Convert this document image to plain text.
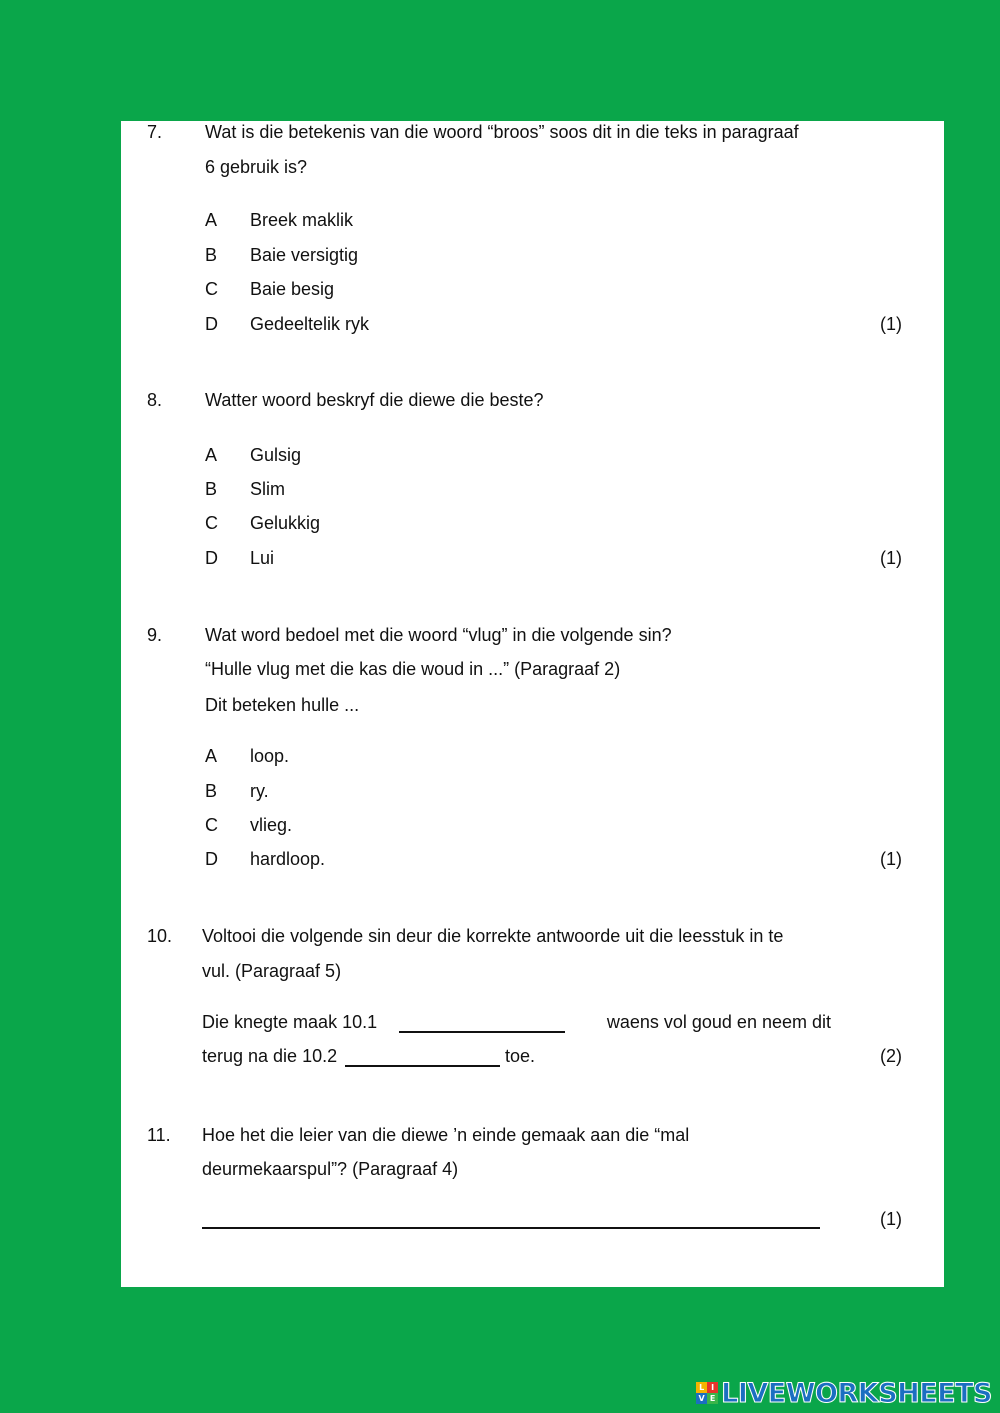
7. Wat is die betekenis van die woord “broos” soos dit in die teks in paragraaf
6 gebruik is?
A Breek maklik
B Baie versigtig
C Baie besig
D Gedeeltelik ryk	(1)
8. Watter woord beskryf die diewe die beste?
A Gulsig
B Slim
C Gelukkig
D Lui	(1)
9. Wat word bedoel met die woord “vlug” in die volgende sin?
“Hulle vlug met die kas die woud in ...” (Paragraaf 2)
Dit beteken hulle ...
A loop.
B ry.
C vlieg.
D hardloop.	(1)
10. Voltooi die volgende sin deur die korrekte antwoorde uit die leesstuk in te
vul. (Paragraaf 5)
Die knegte maak 10.1	waens vol goud en neem dit
terug na die 10.2	toe.	(2)
11. Hoe het die leier van die diewe ’n einde gemaak aan die “mal
deurmekaarspul”? (Paragraaf 4)
(1)
L I
V E LIVEWORKSHEETS
